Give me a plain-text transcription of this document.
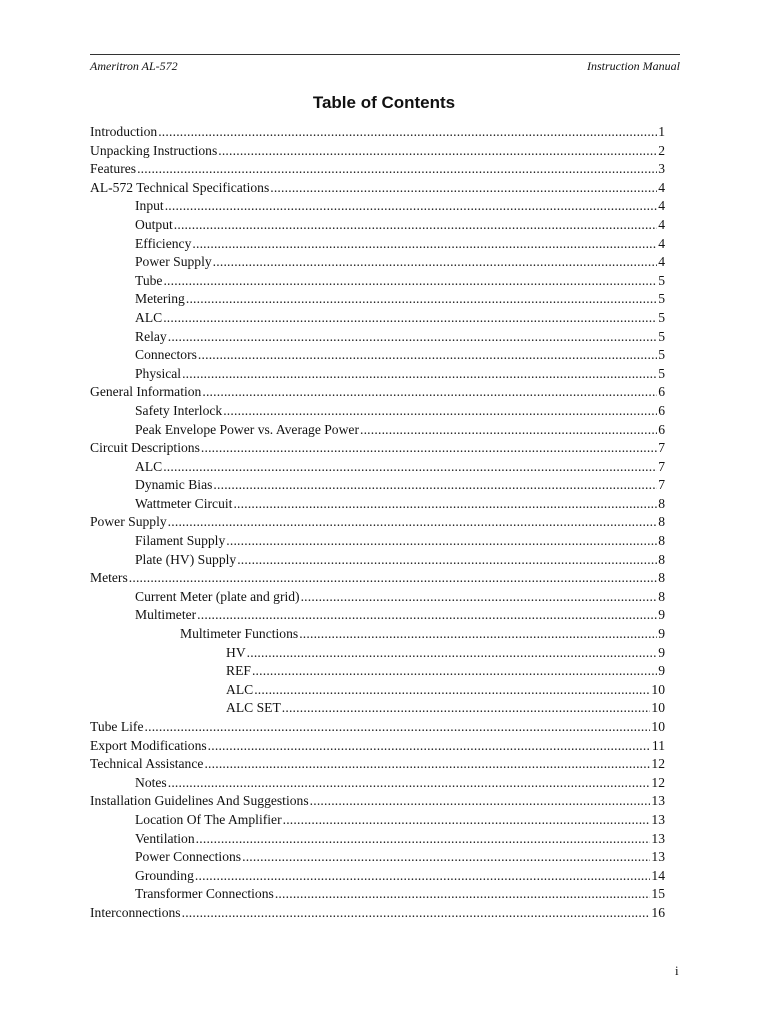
Ameritron AL-572	Instruction Manual
Table of Contents
Introduction . . .	1
Unpacking Instructions . . .	2
Features . . .	3
AL-572 Technical Specifications . . .	4
Input . . .	4
Output . . .	4
Efficiency . . .	4
Power Supply . . .	4
Tube . . .	5
Metering . . .	5
ALC . . .	5
Relay . . .	5
Connectors . . .	5
Physical . . .	5
General Information . . .	6
Safety Interlock . . .	6
Peak Envelope Power vs. Average Power . . .	6
Circuit Descriptions . . .	7
ALC . . .	7
Dynamic Bias . . .	7
Wattmeter Circuit . . .	8
Power Supply . . .	8
Filament Supply . . .	8
Plate (HV) Supply . . .	8
Meters . . .	8
Current Meter (plate and grid) . . .	8
Multimeter . . .	9
Multimeter Functions . . .	9
HV . . .	9
REF . . .	9
ALC . . .	10
ALC SET . . .	10
Tube Life . . .	10
Export Modifications . . .	11
Technical Assistance . . .	12
Notes . . .	12
Installation Guidelines And Suggestions . . .	13
Location Of The Amplifier . . .	13
Ventilation . . .	13
Power Connections . . .	13
Grounding . . .	14
Transformer Connections . . .	15
Interconnections . . .	16
i
